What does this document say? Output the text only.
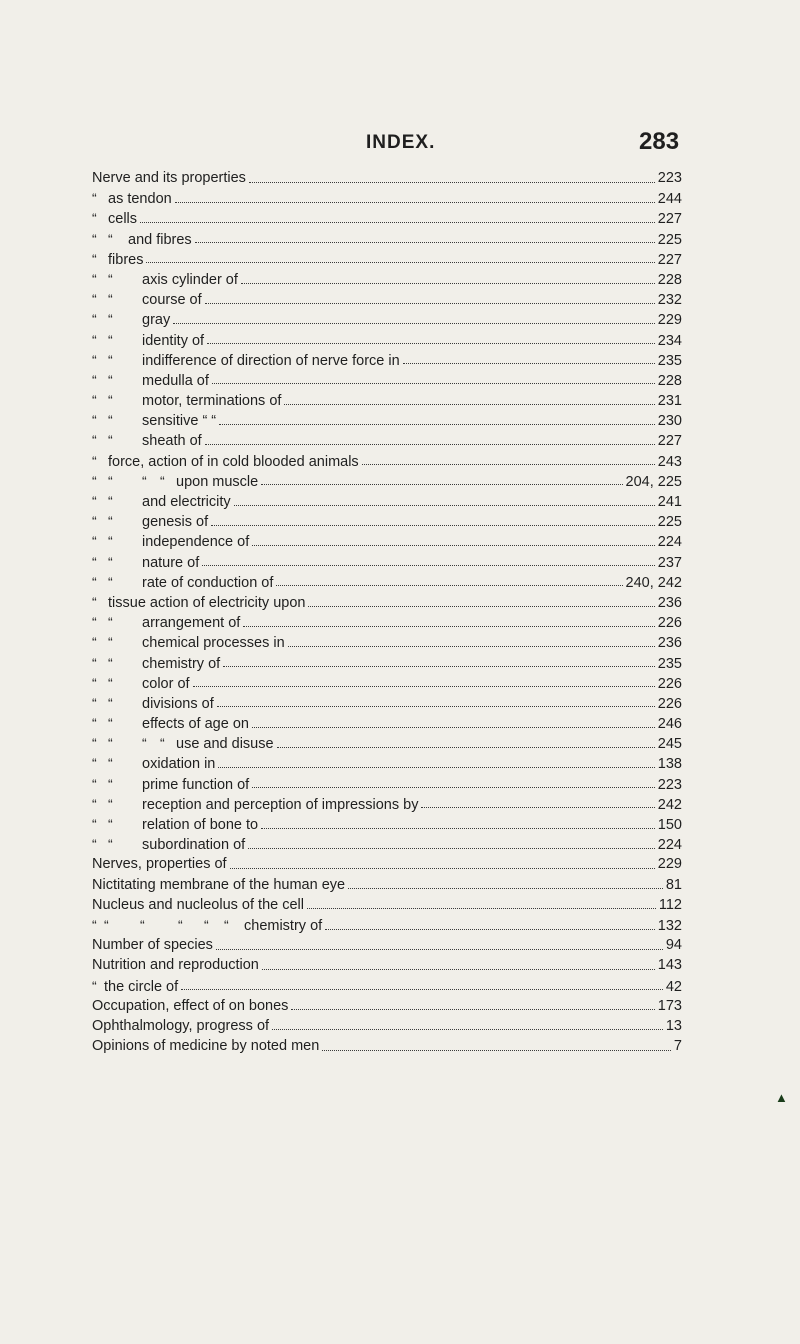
INDEX.	283
Nerve and its properties	223
“ as tendon	244
“ cells	227
“ “	and fibres	225
“ fibres	227
“ “	axis cylinder of	228
“ “	course of	232
“ “	gray	229
“ “	identity of	234
“ “	indifference of direction of nerve force in	235
“ “	medulla of	228
“ “	motor, terminations of	231
“ “	sensitive “ “	230
“ “	sheath of	227
“ force, action of in cold blooded animals	243
“ “	“ “ upon muscle	204, 225
“ “	and electricity	241
“ “	genesis of	225
“ “	independence of	224
“ “	nature of	237
“ “	rate of conduction of	240, 242
“ tissue action of electricity upon	236
“ “	arrangement of	226
“ “	chemical processes in	236
“ “	chemistry of	235
“ “	color of	226
“ “	divisions of	226
“ “	effects of age on	246
“ “	“ “ use and disuse	245
“ “	oxidation in	138
“ “	prime function of	223
“ “	reception and perception of impressions by	242
“ “	relation of bone to	150
“ “	subordination of	224
Nerves, properties of	229
Nictitating membrane of the human eye	81
Nucleus and nucleolus of the cell	112
“ “	“	“	“	“	chemistry of	132
Number of species	94
Nutrition and reproduction	143
“ the circle of	42
Occupation, effect of on bones	173
Ophthalmology, progress of	13
Opinions of medicine by noted men	7
▲
